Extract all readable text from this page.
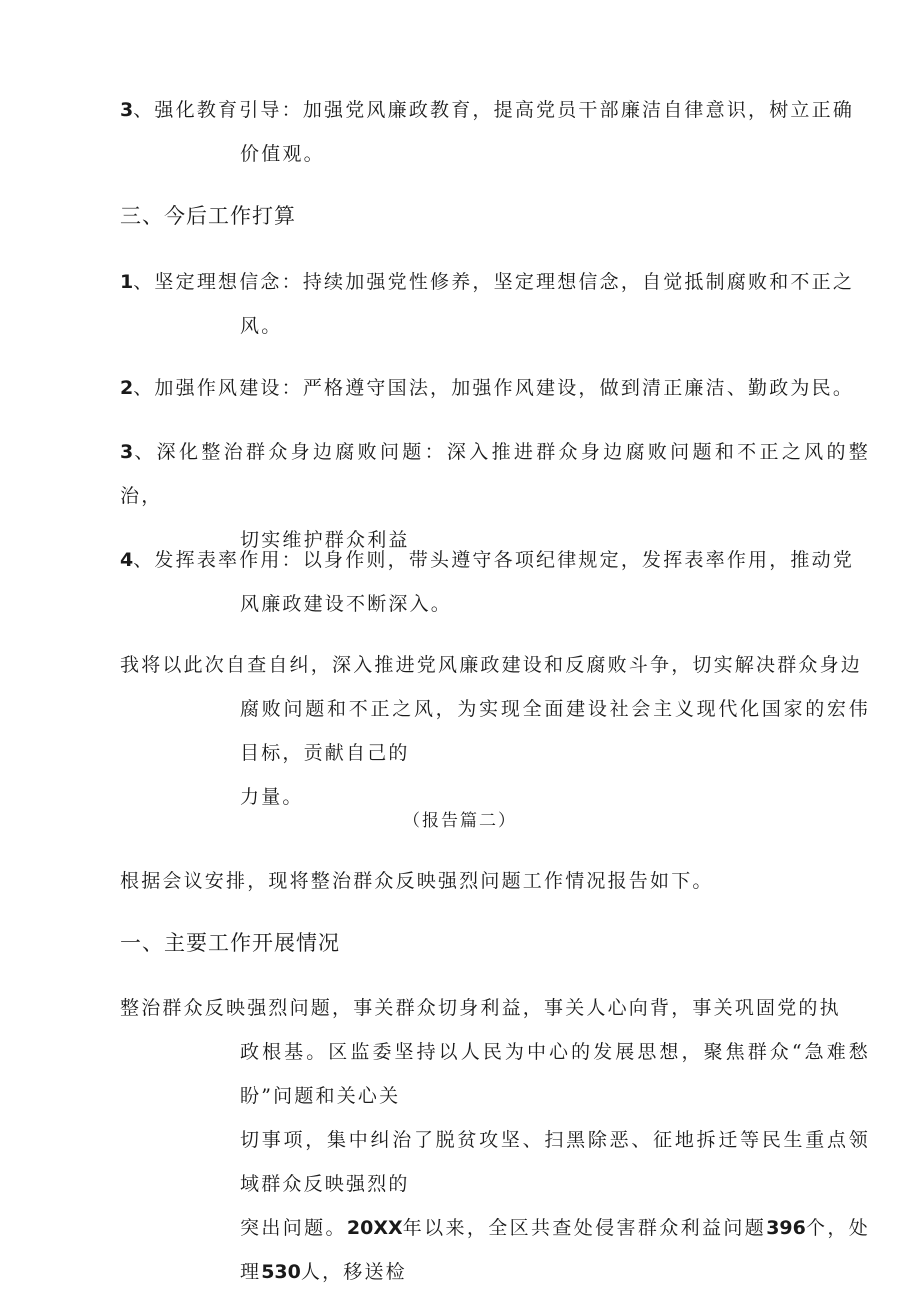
3、强化教育引导：加强党风廉政教育，提高党员干部廉洁自律意识，树立正确
价值观。
三、今后工作打算
1、坚定理想信念：持续加强党性修养，坚定理想信念，自觉抵制腐败和不正之
风。
2、加强作风建设：严格遵守国法，加强作风建设，做到清正廉洁、勤政为民。
3、深化整治群众身边腐败问题：深入推进群众身边腐败问题和不正之风的整治，
切实维护群众利益
4、发挥表率作用：以身作则，带头遵守各项纪律规定，发挥表率作用，推动党
风廉政建设不断深入。
我将以此次自查自纠，深入推进党风廉政建设和反腐败斗争，切实解决群众身边
腐败问题和不正之风，为实现全面建设社会主义现代化国家的宏伟目标，贡献自己的
力量。
（报告篇二）
根据会议安排，现将整治群众反映强烈问题工作情况报告如下。
一、主要工作开展情况
整治群众反映强烈问题，事关群众切身利益，事关人心向背，事关巩固党的执
政根基。区监委坚持以人民为中心的发展思想，聚焦群众“急难愁盼”问题和关心关
切事项，集中纠治了脱贫攻坚、扫黑除恶、征地拆迁等民生重点领域群众反映强烈的
突出问题。20XX年以来，全区共查处侵害群众利益问题396个，处理530人，移送检
